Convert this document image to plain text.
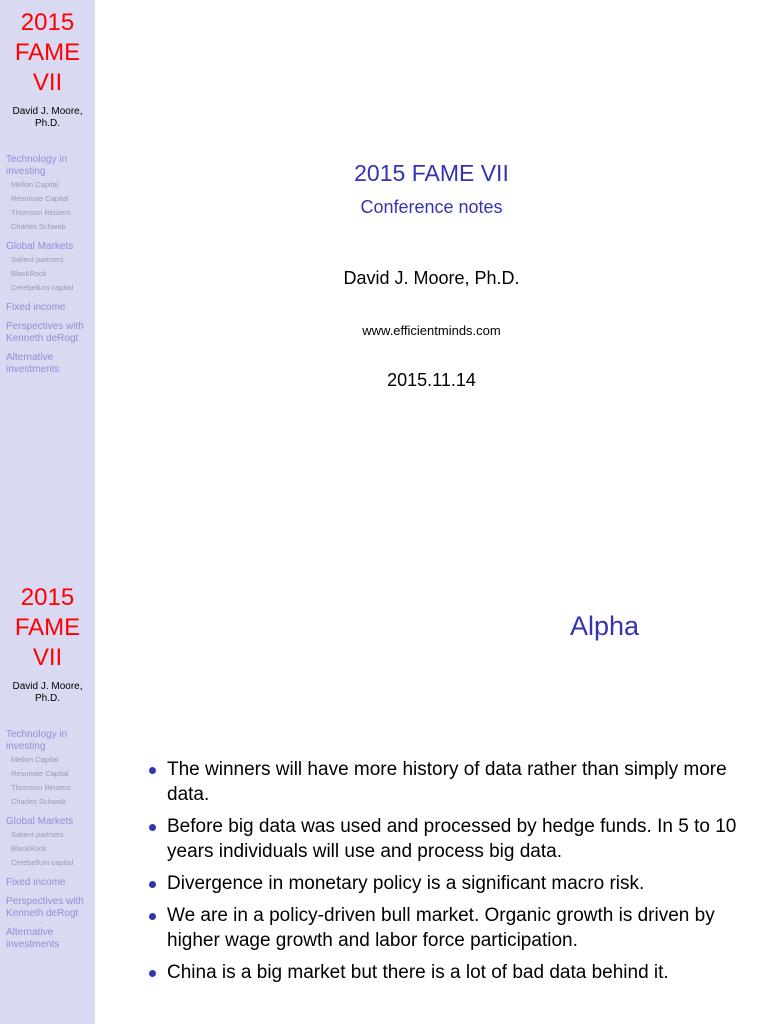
2015
FAME
VII
David J. Moore, Ph.D.
Technology in investing
Mellon Capital
Resonate Capital
Thomson Reuters
Charles Schwab
Global Markets
Salient partners
BlackRock
Cerebellum capital
Fixed income
Perspectives with Kenneth deRogt
Alternative investments
2015 FAME VII
Conference notes
David J. Moore, Ph.D.
www.efficientminds.com
2015.11.14
2015
FAME
VII
David J. Moore, Ph.D.
Technology in investing
Mellon Capital
Resonate Capital
Thomson Reuters
Charles Schwab
Global Markets
Salient partners
BlackRock
Cerebellum capital
Fixed income
Perspectives with Kenneth deRogt
Alternative investments
Alpha
The winners will have more history of data rather than simply more data.
Before big data was used and processed by hedge funds. In 5 to 10 years individuals will use and process big data.
Divergence in monetary policy is a significant macro risk.
We are in a policy-driven bull market. Organic growth is driven by higher wage growth and labor force participation.
China is a big market but there is a lot of bad data behind it.
